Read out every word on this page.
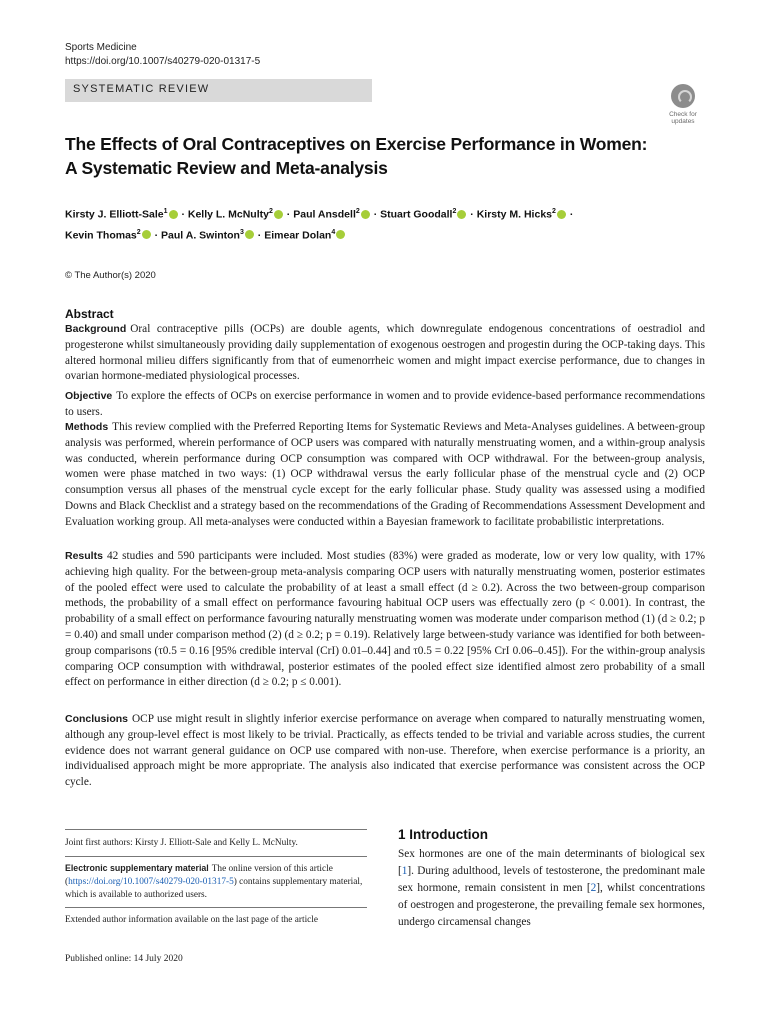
Sports Medicine
https://doi.org/10.1007/s40279-020-01317-5
SYSTEMATIC REVIEW
Check for
updates
The Effects of Oral Contraceptives on Exercise Performance in Women:
A Systematic Review and Meta-analysis
Kirsty J. Elliott-Sale$^1$ · Kelly L. McNulty$^2$ · Paul Ansdell$^2$ · Stuart Goodall$^2$ · Kirsty M. Hicks$^2$ ·
Kevin Thomas$^2$ · Paul A. Swinton$^3$ · Eimear Dolan$^4$
© The Author(s) 2020
Abstract
Background Oral contraceptive pills (OCPs) are double agents, which downregulate endogenous concentrations of oestradiol and progesterone whilst simultaneously providing daily supplementation of exogenous oestrogen and progestin during the OCP-taking days. This altered hormonal milieu differs significantly from that of eumenorrheic women and might impact exercise performance, due to changes in ovarian hormone-mediated physiological processes.
Objective To explore the effects of OCPs on exercise performance in women and to provide evidence-based performance recommendations to users.
Methods This review complied with the Preferred Reporting Items for Systematic Reviews and Meta-Analyses guidelines. A between-group analysis was performed, wherein performance of OCP users was compared with naturally menstruating women, and a within-group analysis was conducted, wherein performance during OCP consumption was compared with OCP withdrawal. For the between-group analysis, women were phase matched in two ways: (1) OCP withdrawal versus the early follicular phase of the menstrual cycle and (2) OCP consumption versus all phases of the menstrual cycle except for the early follicular phase. Study quality was assessed using a modified Downs and Black Checklist and a strategy based on the recommendations of the Grading of Recommendations Assessment Development and Evaluation working group. All meta-analyses were conducted within a Bayesian framework to facilitate probabilistic interpretations.
Results 42 studies and 590 participants were included. Most studies (83%) were graded as moderate, low or very low quality, with 17% achieving high quality. For the between-group meta-analysis comparing OCP users with naturally menstruating women, posterior estimates of the pooled effect were used to calculate the probability of at least a small effect (d ≥ 0.2). Across the two between-group comparison methods, the probability of a small effect on performance favouring habitual OCP users was effectually zero (p < 0.001). In contrast, the probability of a small effect on performance favouring naturally menstruating women was moderate under comparison method (1) (d ≥ 0.2; p = 0.40) and small under comparison method (2) (d ≥ 0.2; p = 0.19). Relatively large between-study variance was identified for both between-group comparisons (τ0.5 = 0.16 [95% credible interval (CrI) 0.01–0.44] and τ0.5 = 0.22 [95% CrI 0.06–0.45]). For the within-group analysis comparing OCP consumption with withdrawal, posterior estimates of the pooled effect size identified almost zero probability of a small effect on performance in either direction (d ≥ 0.2; p ≤ 0.001).
Conclusions OCP use might result in slightly inferior exercise performance on average when compared to naturally menstruating women, although any group-level effect is most likely to be trivial. Practically, as effects tended to be trivial and variable across studies, the current evidence does not warrant general guidance on OCP use compared with non-use. Therefore, when exercise performance is a priority, an individualised approach might be more appropriate. The analysis also indicated that exercise performance was consistent across the OCP cycle.
Joint first authors: Kirsty J. Elliott-Sale and Kelly L. McNulty.
Electronic supplementary material The online version of this article (https://doi.org/10.1007/s40279-020-01317-5) contains supplementary material, which is available to authorized users.
Extended author information available on the last page of the article
1 Introduction
Sex hormones are one of the main determinants of biological sex [1]. During adulthood, levels of testosterone, the predominant male sex hormone, remain consistent in men [2], whilst concentrations of oestrogen and progesterone, the prevailing female sex hormones, undergo circamensal changes
Published online: 14 July 2020
